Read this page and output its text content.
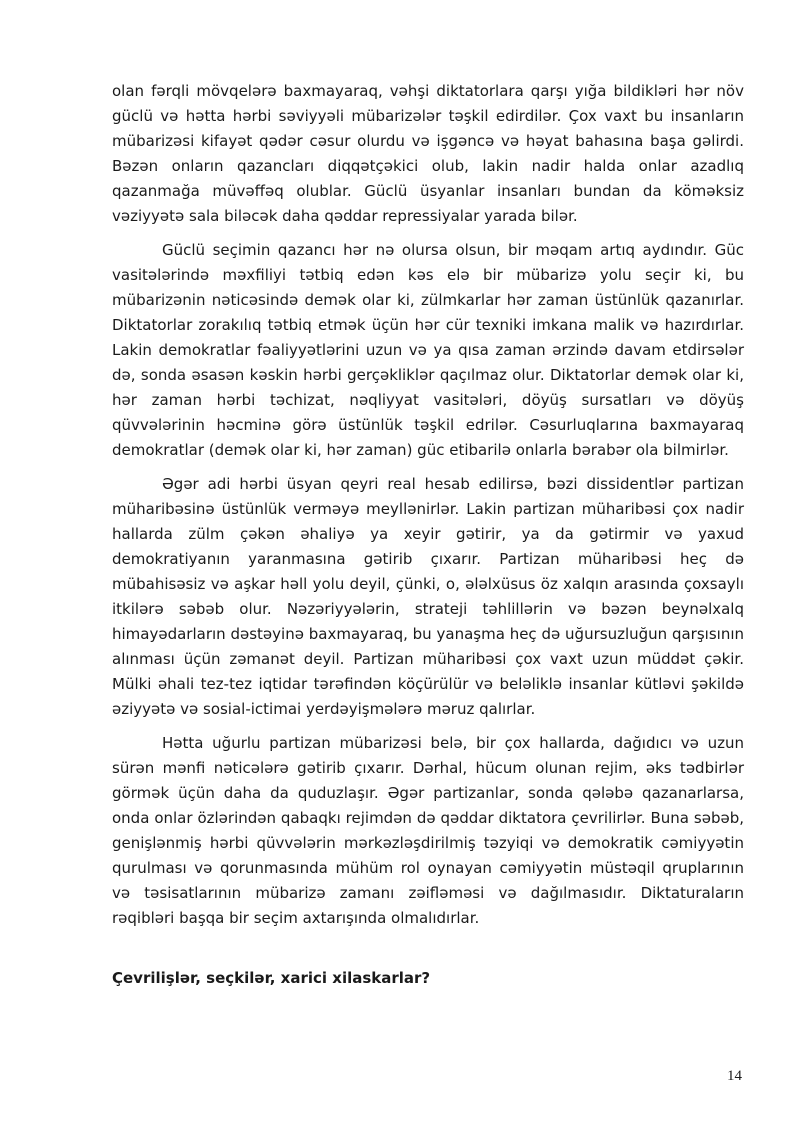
olan fərqli mövqelərə baxmayaraq, vəhşi diktatorlara qarşı yığa bildikləri hər növ güclü və hətta hərbi səviyyəli mübarizələr təşkil edirdilər. Çox vaxt bu insanların mübarizəsi kifayət qədər cəsur olurdu və işgəncə və həyat bahasına başa gəlirdi. Bəzən onların qazancları diqqətçəkici olub, lakin nadir halda onlar azadlıq qazanmağa müvəffəq olublar. Güclü üsyanlar insanları bundan da köməksiz vəziyyətə sala biləcək daha qəddar repressiyalar yarada bilər.

Güclü seçimin qazancı hər nə olursa olsun, bir məqam artıq aydındır. Güc vasitələrində məxfiliyi tətbiq edən kəs elə bir mübarizə yolu seçir ki, bu mübarizənin nəticəsində demək olar ki, zülmkarlar hər zaman üstünlük qazanırlar. Diktatorlar zorakılıq tətbiq etmək üçün hər cür texniki imkana malik və hazırdırlar. Lakin demokratlar fəaliyyətlərini uzun və ya qısa zaman ərzində davam etdirsələr də, sonda əsasən kəskin hərbi gerçəkliklər qaçılmaz olur. Diktatorlar demək olar ki, hər zaman hərbi təchizat, nəqliyyat vasitələri, döyüş sursatları və döyüş qüvvələrinin həcminə görə üstünlük təşkil edrilər. Cəsurluqlarına baxmayaraq demokratlar (demək olar ki, hər zaman) güc etibarilə onlarla bərabər ola bilmirlər.

Əgər adi hərbi üsyan qeyri real hesab edilirsə, bəzi dissidentlər partizan müharibəsinə üstünlük verməyə meyllənirlər. Lakin partizan müharibəsi çox nadir hallarda zülm çəkən əhaliyə ya xeyir gətirir, ya da gətirmir və yaxud demokratiyanın yaranmasına gətirib çıxarır. Partizan müharibəsi heç də mübahisəsiz və aşkar həll yolu deyil, çünki, o, ələlxüsus öz xalqın arasında çoxsaylı itkilərə səbəb olur. Nəzəriyyələrin, strateji təhlillərin və bəzən beynəlxalq himayədarların dəstəyinə baxmayaraq, bu yanaşma heç də uğursuzluğun qarşısının alınması üçün zəmanət deyil. Partizan müharibəsi çox vaxt uzun müddət çəkir. Mülki əhali tez-tez iqtidar tərəfindən köçürülür və beləliklə insanlar kütləvi şəkildə əziyyətə və sosial-ictimai yerdəyişmələrə məruz qalırlar.

Hətta uğurlu partizan mübarizəsi belə, bir çox hallarda, dağıdıcı və uzun sürən mənfi nəticələrə gətirib çıxarır. Dərhal, hücum olunan rejim, əks tədbirlər görmək üçün daha da quduzlaşır. Əgər partizanlar, sonda qələbə qazanarlarsa, onda onlar özlərindən qabaqkı rejimdən də qəddar diktatora çevrilirlər. Buna səbəb, genişlənmiş hərbi qüvvələrin mərkəzləşdirilmiş təzyiqi və demokratik cəmiyyətin qurulması və qorunmasında mühüm rol oynayan cəmiyyətin müstəqil qruplarının və təsisatlarının mübarizə zamanı zəifləməsi və dağılmasıdır. Diktaturaların rəqibləri başqa bir seçim axtarışında olmalıdırlar.

Çevrilişlər, seçkilər, xarici xilaskarlar?
14
